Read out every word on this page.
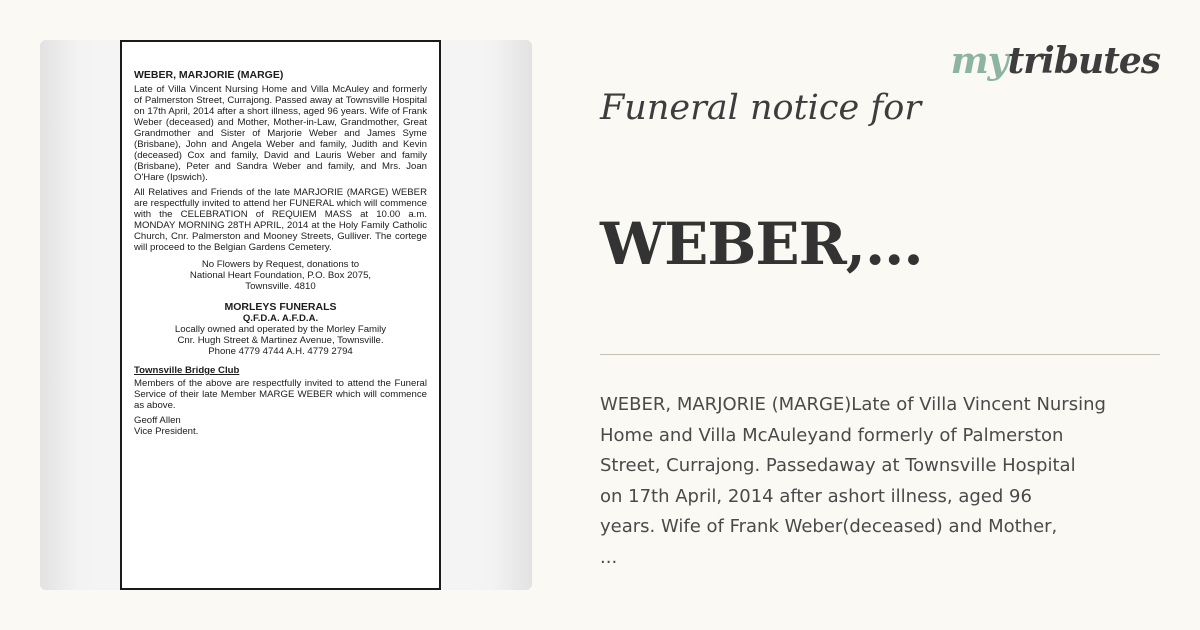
WEBER, MARJORIE (MARGE)
Late of Villa Vincent Nursing Home and Villa McAuley and formerly of Palmerston Street, Currajong. Passed away at Townsville Hospital on 17th April, 2014 after a short illness, aged 96 years. Wife of Frank Weber (deceased) and Mother, Mother-in-Law, Grandmother, Great Grandmother and Sister of Marjorie Weber and James Syme (Brisbane), John and Angela Weber and family, Judith and Kevin (deceased) Cox and family, David and Lauris Weber and family (Brisbane), Peter and Sandra Weber and family, and Mrs. Joan O'Hare (Ipswich).
All Relatives and Friends of the late MARJORIE (MARGE) WEBER are respectfully invited to attend her FUNERAL which will commence with the CELEBRATION of REQUIEM MASS at 10.00 a.m. MONDAY MORNING 28TH APRIL, 2014 at the Holy Family Catholic Church, Cnr. Palmerston and Mooney Streets, Gulliver. The cortege will proceed to the Belgian Gardens Cemetery.
No Flowers by Request, donations to
National Heart Foundation, P.O. Box 2075,
Townsville. 4810
MORLEYS FUNERALS
Q.F.D.A. A.F.D.A.
Locally owned and operated by the Morley Family
Cnr. Hugh Street & Martinez Avenue, Townsville.
Phone 4779 4744 A.H. 4779 2794
Townsville Bridge Club
Members of the above are respectfully invited to attend the Funeral Service of their late Member MARGE WEBER which will commence as above.
Geoff Allen
Vice President.
mytributes
Funeral notice for
WEBER,...
WEBER, MARJORIE (MARGE)Late of Villa Vincent Nursing
Home and Villa McAuleyand formerly of Palmerston
Street, Currajong. Passedaway at Townsville Hospital
on 17th April, 2014 after ashort illness, aged 96
years. Wife of Frank Weber(deceased) and Mother,
...
